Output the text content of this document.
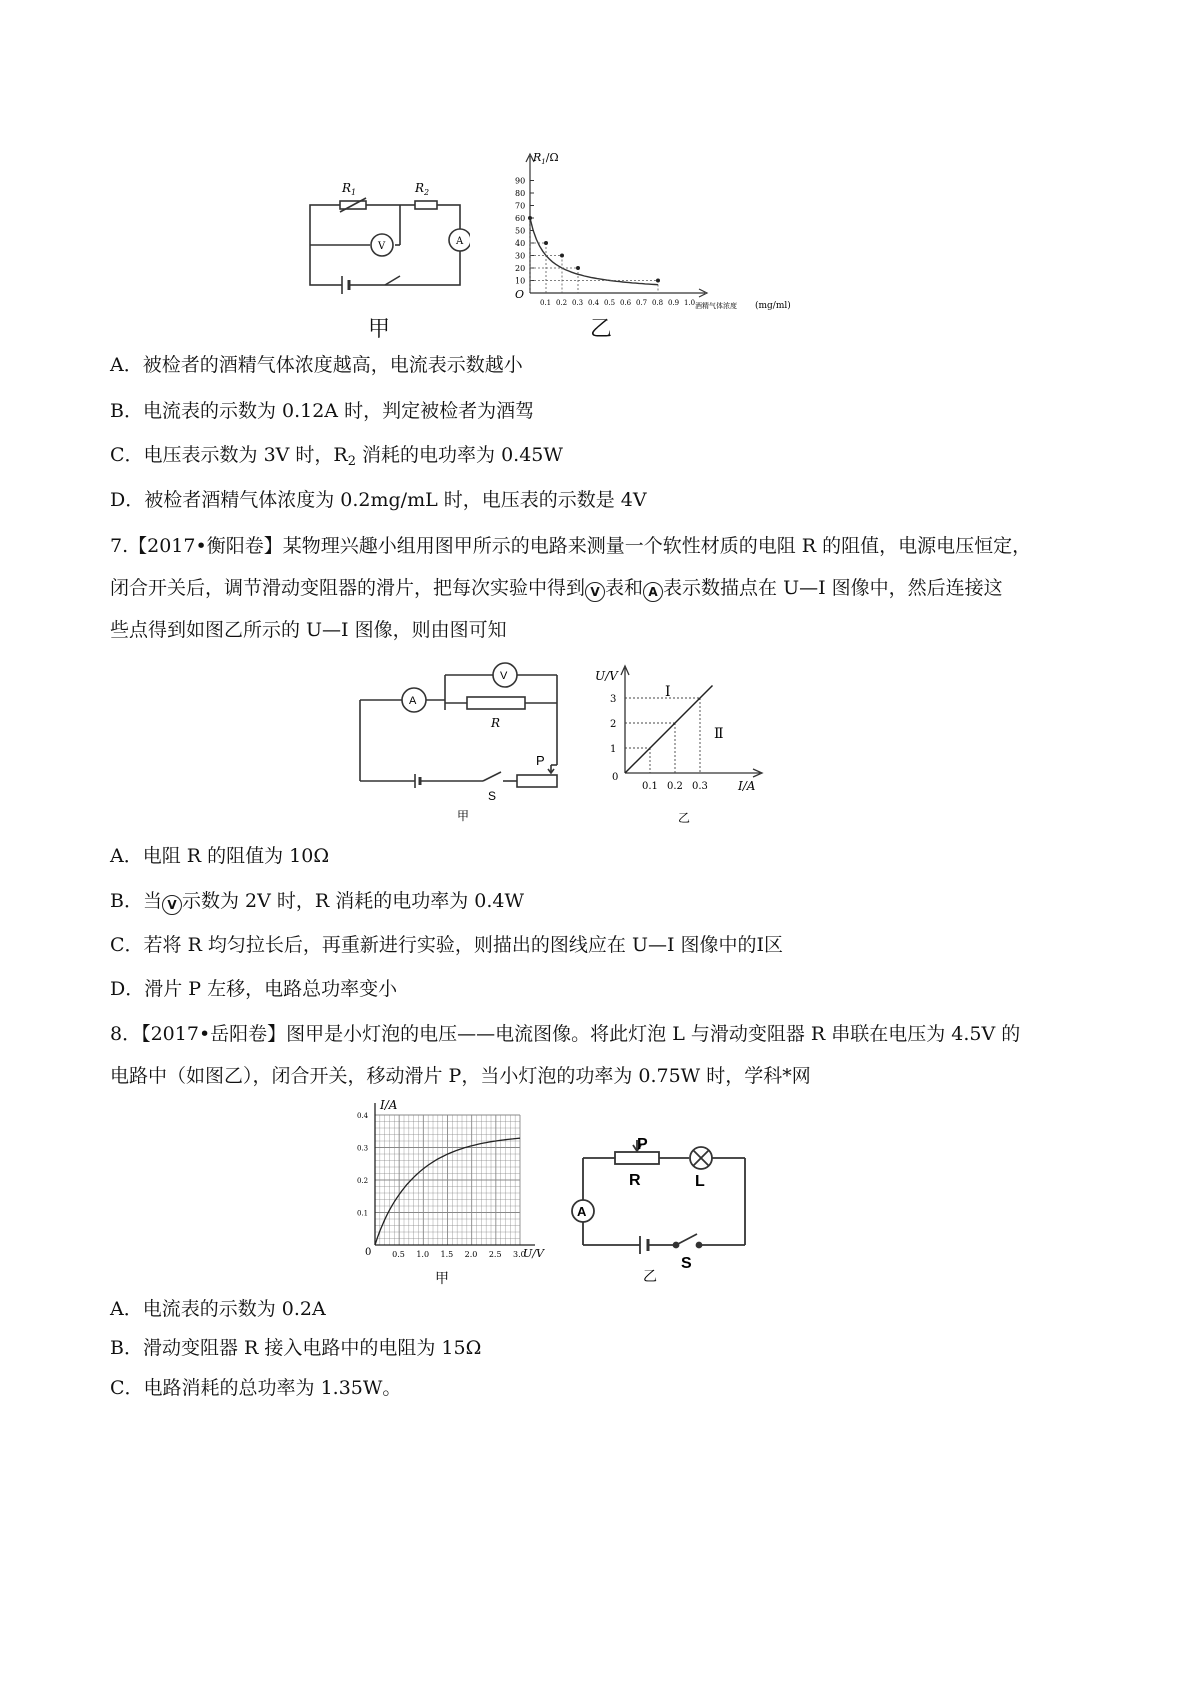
$R_1$	$R_2$
V	A
甲
$R_1/\Omega$
O
酒精气体浓度 (mg/ml)
10
20
30
40
50
60
70
80
90
0.1 0.2 0.3 0.4 0.5 0.6 0.7 0.8 0.9 1.0
乙
A．被检者的酒精气体浓度越高，电流表示数越小
B．电流表的示数为 0.12A 时，判定被检者为酒驾
C．电压表示数为 3V 时，$R_2$ 消耗的电功率为 0.45W
D．被检者酒精气体浓度为 0.2mg/mL 时，电压表的示数是 4V
7.【2017•衡阳卷】某物理兴趣小组用图甲所示的电路来测量一个软性材质的电阻 R 的阻值，电源电压恒定，
闭合开关后，调节滑动变阻器的滑片，把每次实验中得到 V 表和 A 表示数描点在 U—I 图像中，然后连接这
些点得到如图乙所示的 U—I 图像，则由图可知
A
V
R
P
S
甲
U/V
I/A
0
Ⅰ
Ⅱ
乙
1
2
3
0.1 0.2 0.3
A．电阻 R 的阻值为 10Ω
B．当 V 示数为 2V 时，R 消耗的电功率为 0.4W
C．若将 R 均匀拉长后，再重新进行实验，则描出的图线应在 U—I 图像中的Ⅰ区
D．滑片 P 左移，电路总功率变小
8．【2017•岳阳卷】图甲是小灯泡的电压——电流图像。将此灯泡 L 与滑动变阻器 R 串联在电压为 4.5V 的
电路中（如图乙），闭合开关，移动滑片 P，当小灯泡的功率为 0.75W 时，学科*网
I/A
U/V
0
甲
0.1
0.2
0.3
0.4
0.5 1.0 1.5 2.0 2.5 3.0
A
P
R	L
S
乙
A．电流表的示数为 0.2A
B．滑动变阻器 R 接入电路中的电阻为 15Ω
C．电路消耗的总功率为 1.35W。
